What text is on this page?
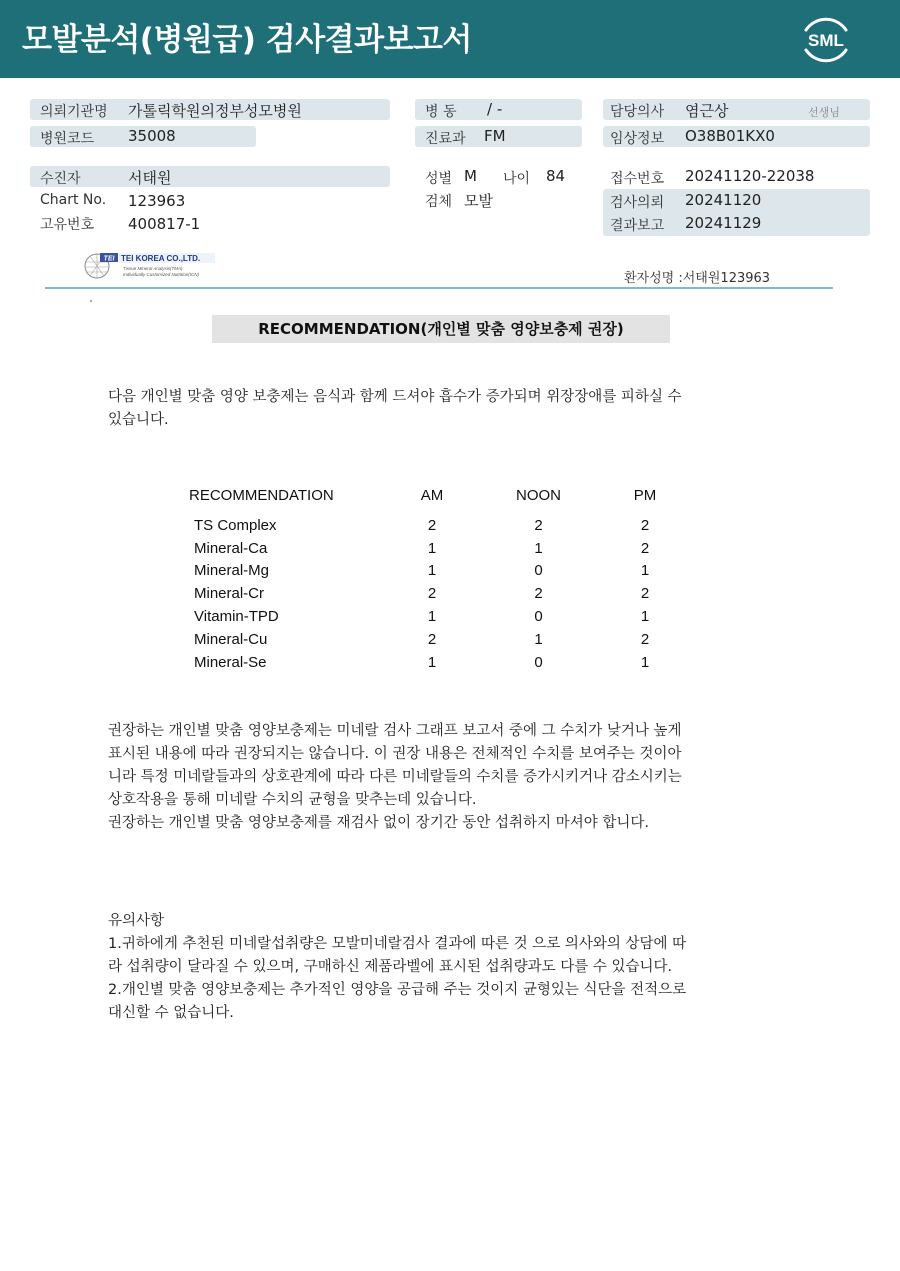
모발분석(병원급) 검사결과보고서	SML
의뢰기관명 가톨릭학원의정부성모병원
병원코드 35008
수진자	서태원
Chart No. 123963
고유번호 400817-1
병 동 / -
진료과 FM
성별 M 나이 84
검체 모발
담당의사 염근상	선생님
임상정보 O38B01KX0
접수번호 20241120-22038
검사의뢰 20241120
결과보고 20241129
TEI TEI KOREA CO.,LTD.
Tissue Mineral Analysis(TMA)
Individually Customized Nutrition(ICN)	환자성명 :서태원123963
RECOMMENDATION(개인별 맞춤 영양보충제 권장)
다음 개인별 맞춤 영양 보충제는 음식과 함께 드셔야 흡수가 증가되며 위장장애를 피하실 수
있습니다.
RECOMMENDATION	AM	NOON	PM
TS Complex	2	2	2
Mineral-Ca	1	1	2
Mineral-Mg	1	0	1
Mineral-Cr	2	2	2
Vitamin-TPD	1	0	1
Mineral-Cu	2	1	2
Mineral-Se	1	0	1
권장하는 개인별 맞춤 영양보충제는 미네랄 검사 그래프 보고서 중에 그 수치가 낮거나 높게
표시된 내용에 따라 권장되지는 않습니다. 이 권장 내용은 전체적인 수치를 보여주는 것이아
니라 특정 미네랄들과의 상호관계에 따라 다른 미네랄들의 수치를 증가시키거나 감소시키는
상호작용을 통해 미네랄 수치의 균형을 맞추는데 있습니다.
권장하는 개인별 맞춤 영양보충제를 재검사 없이 장기간 동안 섭취하지 마셔야 합니다.
유의사항
1.귀하에게 추천된 미네랄섭취량은 모발미네랄검사 결과에 따른 것 으로 의사와의 상담에 따
라 섭취량이 달라질 수 있으며, 구매하신 제품라벨에 표시된 섭취량과도 다를 수 있습니다.
2.개인별 맞춤 영양보충제는 추가적인 영양을 공급해 주는 것이지 균형있는 식단을 전적으로
대신할 수 없습니다.
